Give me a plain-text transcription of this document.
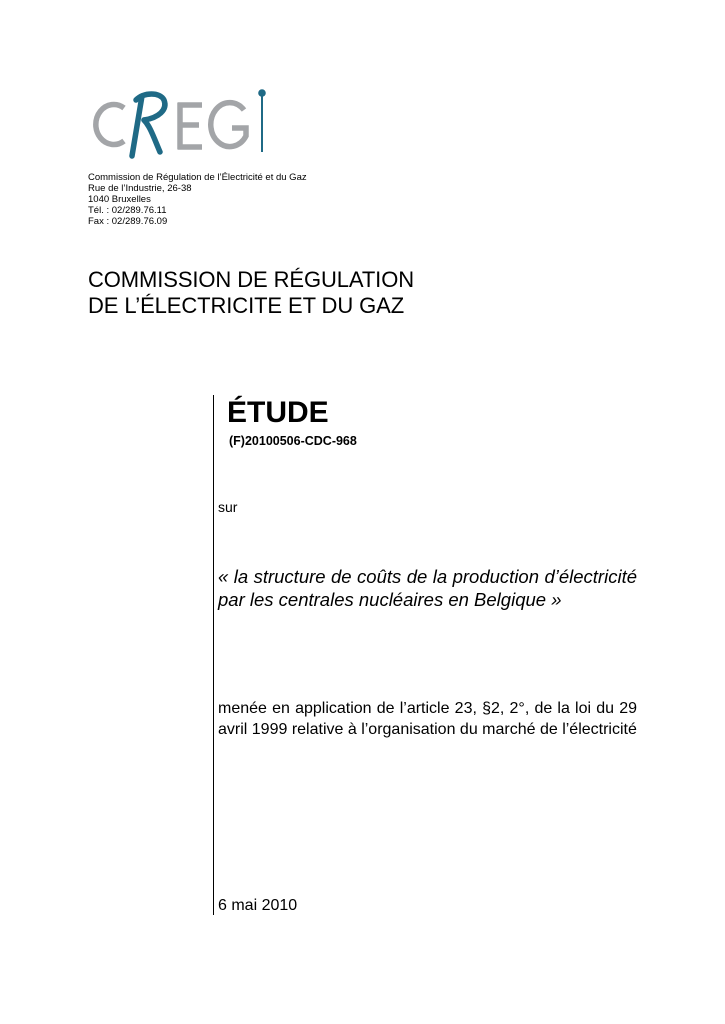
Commission de Régulation de l’Électricité et du Gaz
Rue de l’Industrie, 26-38
1040 Bruxelles
Tél. : 02/289.76.11
Fax : 02/289.76.09
COMMISSION DE RÉGULATION
DE L’ÉLECTRICITE ET DU GAZ
ÉTUDE
(F)20100506-CDC-968
sur
« la structure de coûts de la production d’électricité par les centrales nucléaires en Belgique »
menée en application de l’article 23, §2, 2°, de la loi du 29 avril 1999 relative à l’organisation du marché de l’électricité
6 mai 2010
